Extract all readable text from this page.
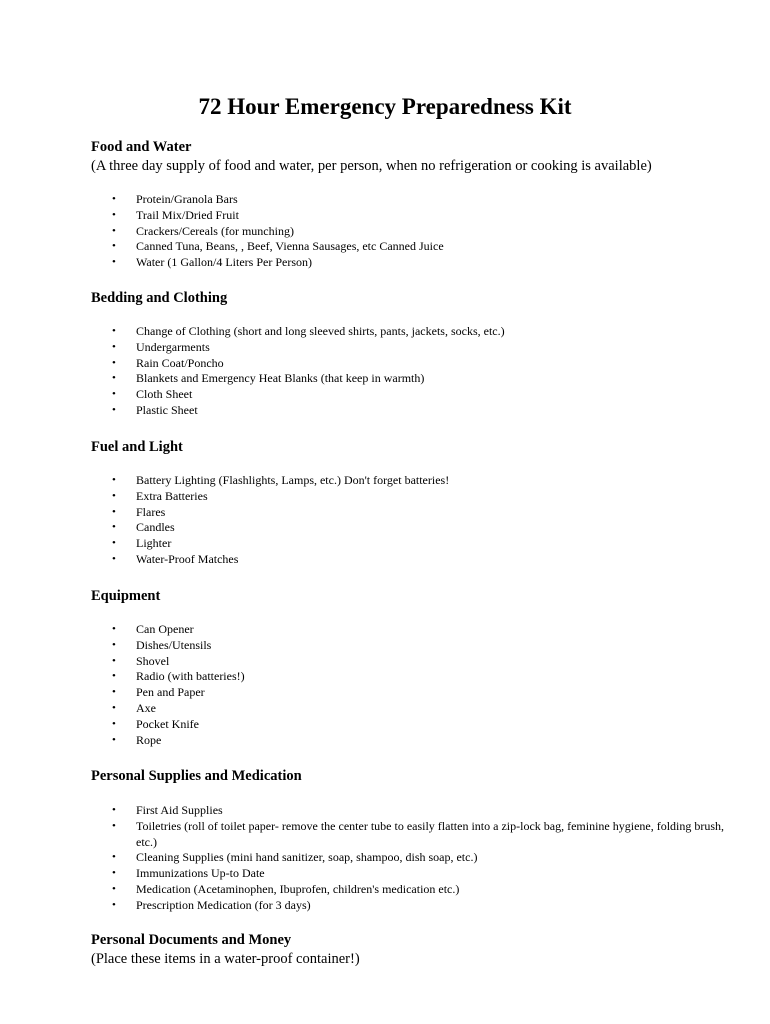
72 Hour Emergency Preparedness Kit
Food and Water

(A three day supply of food and water, per person, when no refrigeration or cooking is available)

• Protein/Granola Bars
• Trail Mix/Dried Fruit
• Crackers/Cereals (for munching)
• Canned Tuna, Beans, , Beef, Vienna Sausages, etc Canned Juice
• Water (1 Gallon/4 Liters Per Person)
Bedding and Clothing
• Change of Clothing (short and long sleeved shirts, pants, jackets, socks, etc.)
• Undergarments
• Rain Coat/Poncho
• Blankets and Emergency Heat Blanks (that keep in warmth)
• Cloth Sheet
• Plastic Sheet
Fuel and Light
• Battery Lighting (Flashlights, Lamps, etc.) Don't forget batteries!
• Extra Batteries
• Flares
• Candles
• Lighter
• Water-Proof Matches
Equipment
• Can Opener
• Dishes/Utensils
• Shovel
• Radio (with batteries!)
• Pen and Paper
• Axe
• Pocket Knife
• Rope
Personal Supplies and Medication
• First Aid Supplies
• Toiletries (roll of toilet paper- remove the center tube to easily flatten into a zip-lock bag, feminine hygiene, folding brush, etc.)
• Cleaning Supplies (mini hand sanitizer, soap, shampoo, dish soap, etc.)
• Immunizations Up-to Date
• Medication (Acetaminophen, Ibuprofen, children's medication etc.)
• Prescription Medication (for 3 days)
Personal Documents and Money

(Place these items in a water-proof container!)
